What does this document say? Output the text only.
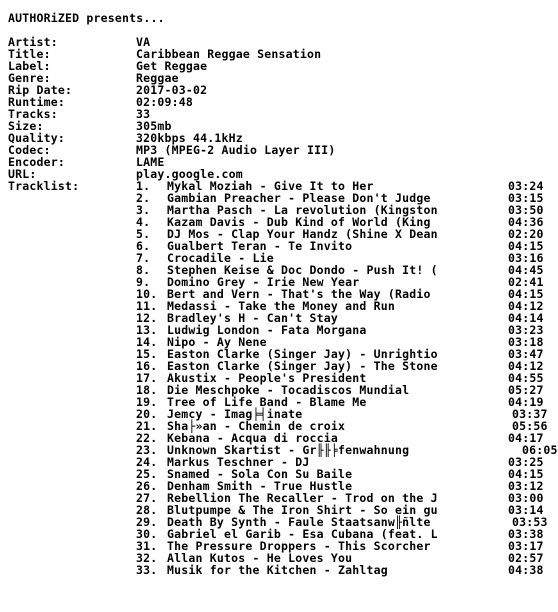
AUTHORiZED presents...
Artist:	VA
Title:	Caribbean Reggae Sensation
Label:	Get Reggae
Genre:	Reggae
Rip Date:	2017-03-02
Runtime:	02:09:48
Tracks:	33
Size:	305mb
Quality:	320kbps 44.1kHz
Codec:	MP3 (MPEG-2 Audio Layer III)
Encoder:	LAME
URL:	play.google.com
Tracklist:	1.	Mykal Moziah - Give It to Her	03:24
2.	Gambian Preacher - Please Don't Judge	03:15
3.	Martha Pasch - La revolution (Kingston	03:50
4.	Kazam Davis - Dub Kind of World (King	04:36
5.	DJ Mos - Clap Your Handz (Shine X Dean	02:20
6.	Gualbert Teran - Te Invito	04:15
7.	Crocadile - Lie	03:16
8.	Stephen Keise & Doc Dondo - Push It! (	04:45
9.	Domino Grey - Irie New Year	02:41
10. Bert and Vern - That's the Way (Radio	04:15
11. Medassi - Take the Money and Run	04:12
12. Bradley's H - Can't Stay	04:14
13. Ludwig London - Fata Morgana	03:23
14. Nipo - Ay Nene	03:18
15. Easton Clarke (Singer Jay) - Unrightio	03:47
16. Easton Clarke (Singer Jay) - The Stone	04:12
17. Akustix - People's President	04:55
18. Die Meschpoke - Tocadiscos Mundial	05:27
19. Tree of Life Band - Blame Me	04:19
20. Jemcy - Imag╞╡inate	03:37
21. Sha├»an - Chemin de croix	05:56
22. Kebana - Acqua di roccia	04:17
23. Unknown Skartist - Gr╟╟╞fenwahnung	06:05
24. Markus Teschner - DJ	03:25
25. Snamed - Sola Con Su Baile	04:15
26. Denham Smith - True Hustle	03:12
27. Rebellion The Recaller - Trod on the J	03:00
28. Blutpumpe & The Iron Shirt - So ein gu	03:14
29. Death By Synth - Faule Staatsanw╟ñlte	03:53
30. Gabriel el Garib - Esa Cubana (feat. L	03:38
31. The Pressure Droppers - This Scorcher	03:17
32. Allan Kutos - He Loves You	02:57
33. Musik for the Kitchen - Zahltag	04:38
